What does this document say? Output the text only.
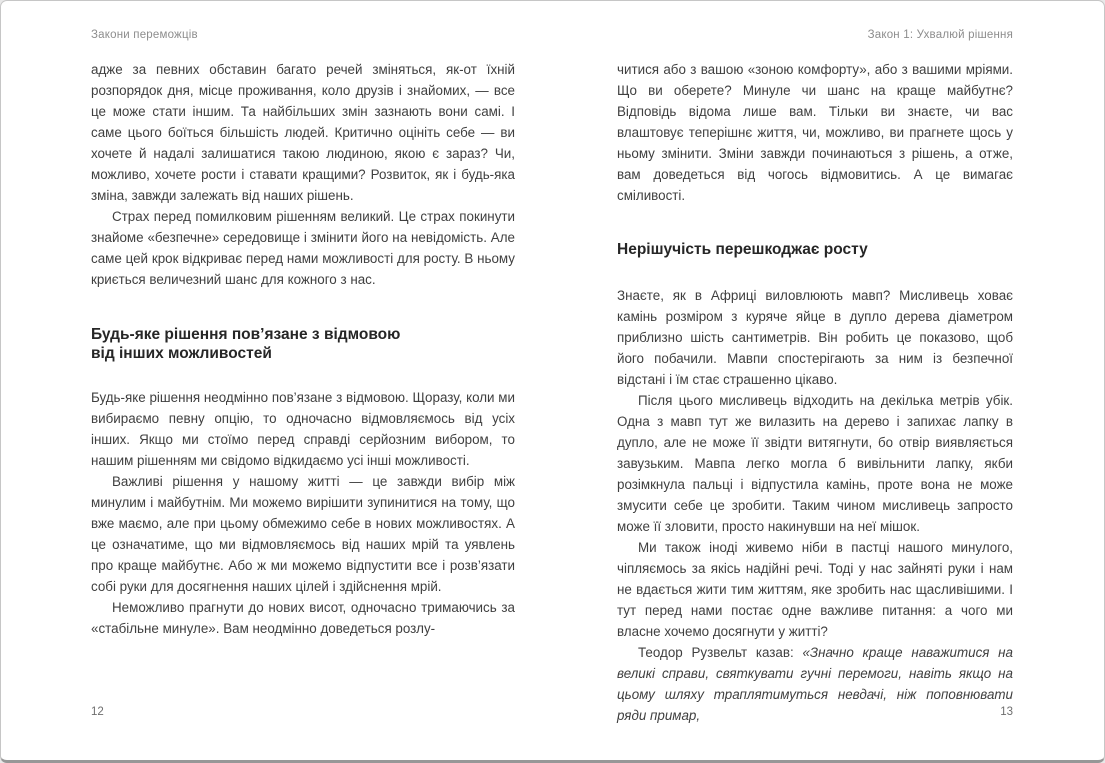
Закони переможців

адже за певних обставин багато речей зміняться, як-от їхній розпорядок дня, місце проживання, коло друзів і знайомих, — все це може стати іншим. Та найбільших змін зазнають вони самі. І саме цього боїться більшість людей. Критично оцініть себе — ви хочете й надалі залишатися такою людиною, якою є зараз? Чи, можливо, хочете рости і ставати кращими? Розвиток, як і будь-яка зміна, завжди залежать від наших рішень.

Страх перед помилковим рішенням великий. Це страх покинути знайоме «безпечне» середовище і змінити його на невідомість. Але саме цей крок відкриває перед нами можливості для росту. В ньому криється величезний шанс для кожного з нас.

Будь-яке рішення пов’язане з відмовою
від інших можливостей

Будь-яке рішення неодмінно пов’язане з відмовою. Щоразу, коли ми вибираємо певну опцію, то одночасно відмовляємось від усіх інших. Якщо ми стоїмо перед справді серйозним вибором, то нашим рішенням ми свідомо відкидаємо усі інші можливості.

Важливі рішення у нашому житті — це завжди вибір між минулим і майбутнім. Ми можемо вирішити зупинитися на тому, що вже маємо, але при цьому обмежимо себе в нових можливостях. А це означатиме, що ми відмовляємось від наших мрій та уявлень про краще майбутнє. Або ж ми можемо відпустити все і розв’язати собі руки для досягнення наших цілей і здійснення мрій.

Неможливо прагнути до нових висот, одночасно тримаючись за «стабільне минуле». Вам неодмінно доведеться розлу-

12
Закон 1: Ухвалюй рішення

читися або з вашою «зоною комфорту», або з вашими мріями. Що ви оберете? Минуле чи шанс на краще майбутнє? Відповідь відома лише вам. Тільки ви знаєте, чи вас влаштовує теперішнє життя, чи, можливо, ви прагнете щось у ньому змінити. Зміни завжди починаються з рішень, а отже, вам доведеться від чогось відмовитись. А це вимагає сміливості.

Нерішучість перешкоджає росту

Знаєте, як в Африці виловлюють мавп? Мисливець ховає камінь розміром з куряче яйце в дупло дерева діаметром приблизно шість сантиметрів. Він робить це показово, щоб його побачили. Мавпи спостерігають за ним із безпечної відстані і їм стає страшенно цікаво.

Після цього мисливець відходить на декілька метрів убік. Одна з мавп тут же вилазить на дерево і запихає лапку в дупло, але не може її звідти витягнути, бо отвір виявляється завузьким. Мавпа легко могла б вивільнити лапку, якби розімкнула пальці і відпустила камінь, проте вона не може змусити себе це зробити. Таким чином мисливець запросто може її зловити, просто накинувши на неї мішок.

Ми також іноді живемо ніби в пастці нашого минулого, чіпляємось за якісь надійні речі. Тоді у нас зайняті руки і нам не вдається жити тим життям, яке зробить нас щасливішими. І тут перед нами постає одне важливе питання: а чого ми власне хочемо досягнути у житті?

Теодор Рузвельт казав: «Значно краще наважитися на великі справи, святкувати гучні перемоги, навіть якщо на цьому шляху траплятимуться невдачі, ніж поповнювати ряди примар,	13
